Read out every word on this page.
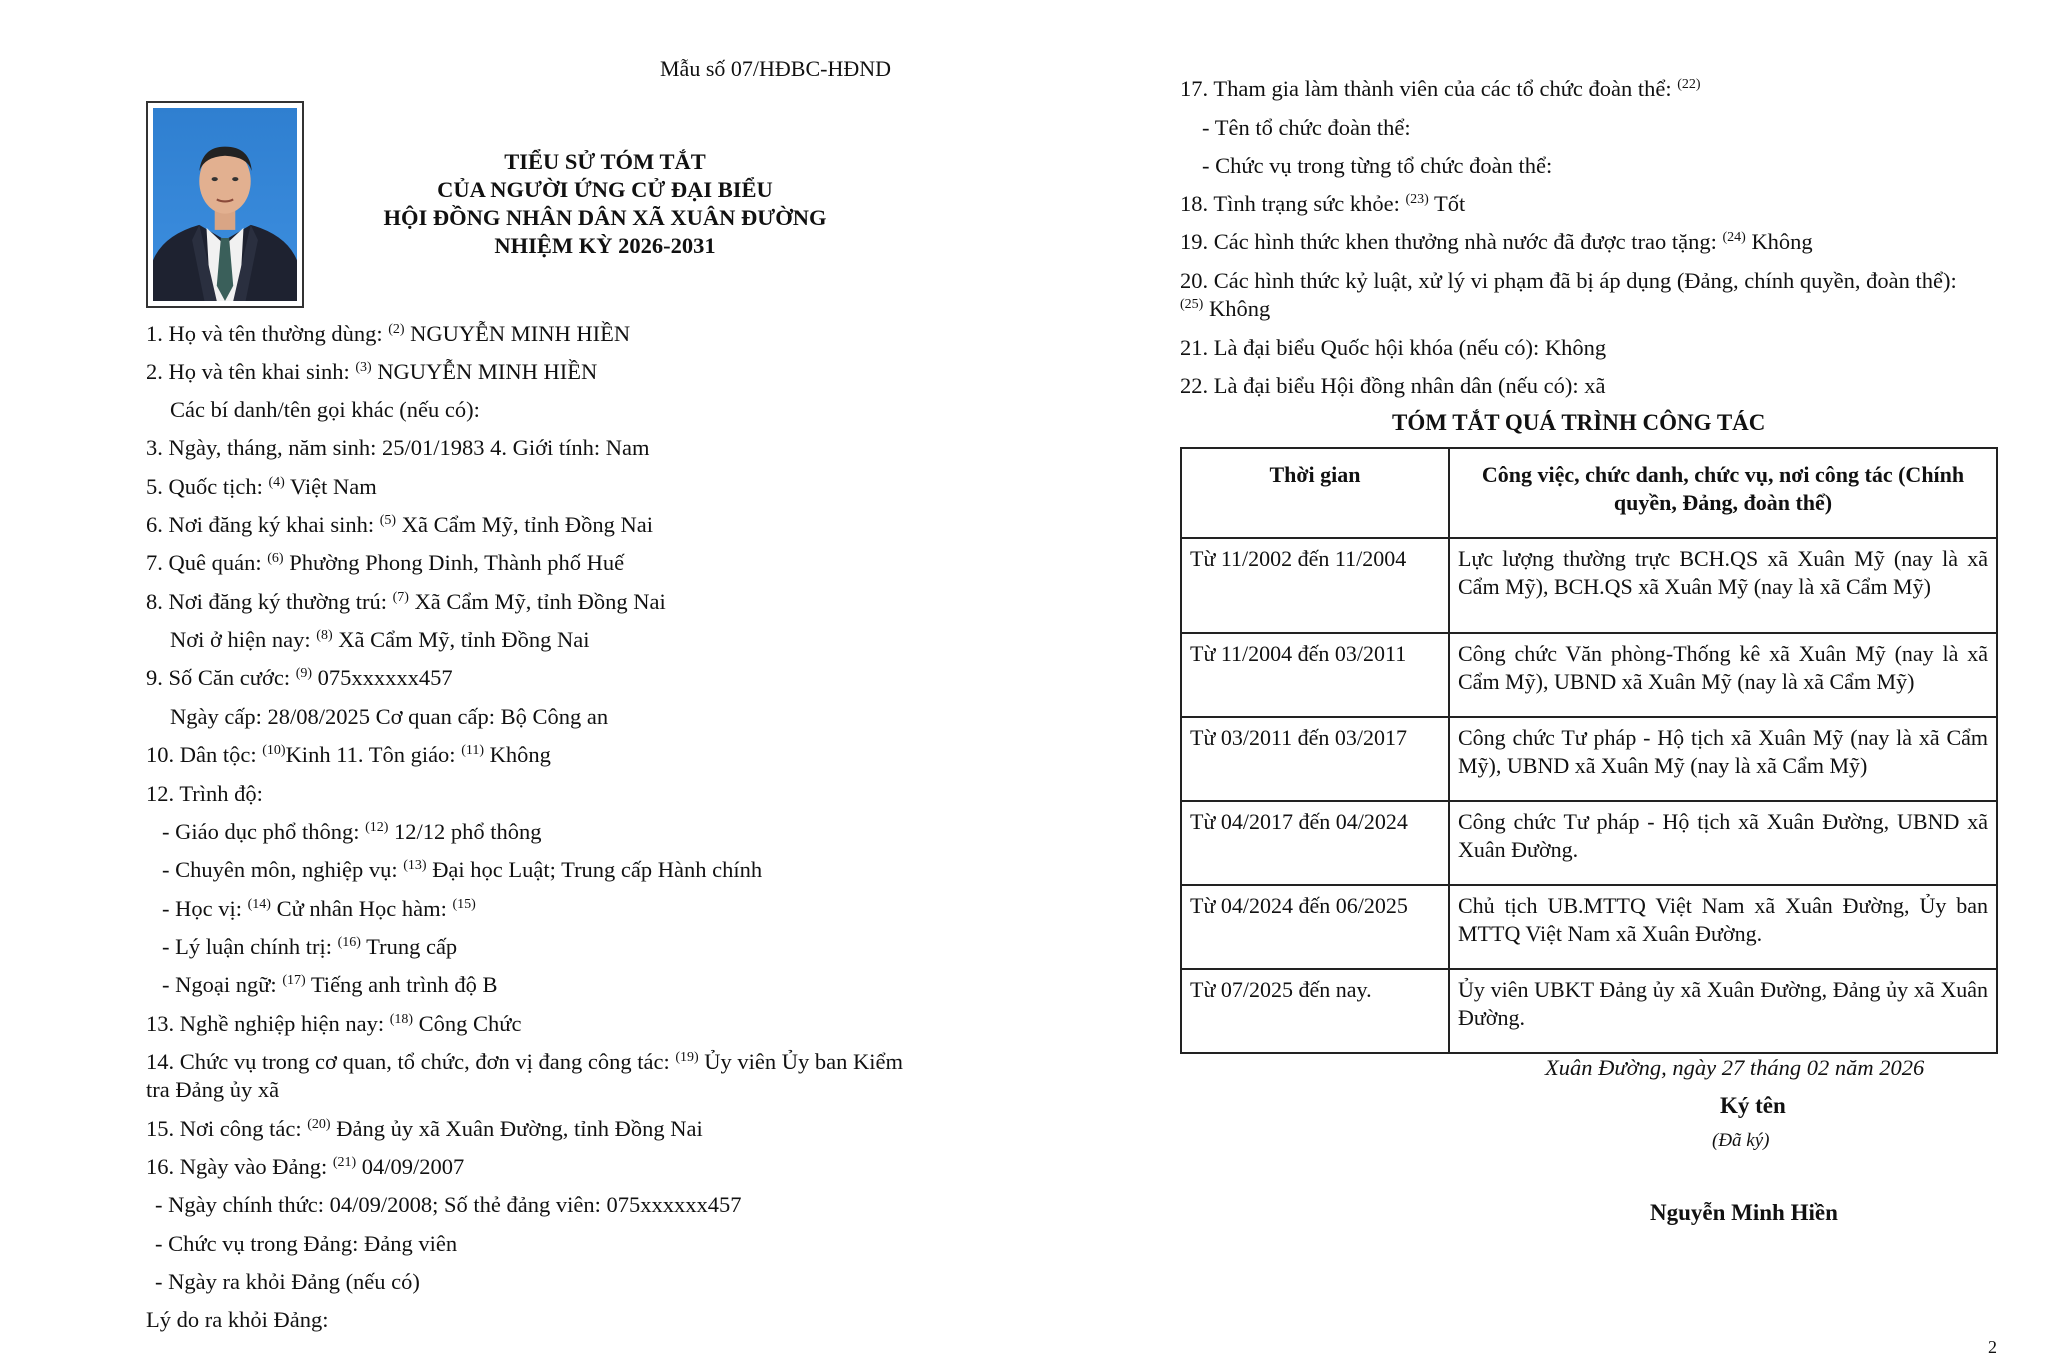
Mẫu số 07/HĐBC-HĐND
TIỂU SỬ TÓM TẮT
CỦA NGƯỜI ỨNG CỬ ĐẠI BIỂU
HỘI ĐỒNG NHÂN DÂN XÃ XUÂN ĐƯỜNG
NHIỆM KỲ 2026-2031
1. Họ và tên thường dùng: $^{(2)}$ NGUYỄN MINH HIỀN
2. Họ và tên khai sinh: $^{(3)}$ NGUYỄN MINH HIỀN
Các bí danh/tên gọi khác (nếu có):
3. Ngày, tháng, năm sinh: 25/01/1983 4. Giới tính: Nam
5. Quốc tịch: $^{(4)}$ Việt Nam
6. Nơi đăng ký khai sinh: $^{(5)}$ Xã Cẩm Mỹ, tỉnh Đồng Nai
7. Quê quán: $^{(6)}$ Phường Phong Dinh, Thành phố Huế
8. Nơi đăng ký thường trú: $^{(7)}$ Xã Cẩm Mỹ, tỉnh Đồng Nai
Nơi ở hiện nay: $^{(8)}$ Xã Cẩm Mỹ, tỉnh Đồng Nai
9. Số Căn cước: $^{(9)}$ 075xxxxxx457
Ngày cấp: 28/08/2025 Cơ quan cấp: Bộ Công an
10. Dân tộc: $^{(10)}$Kinh 11. Tôn giáo: $^{(11)}$ Không
12. Trình độ:
- Giáo dục phổ thông: $^{(12)}$ 12/12 phổ thông
- Chuyên môn, nghiệp vụ: $^{(13)}$ Đại học Luật; Trung cấp Hành chính
- Học vị: $^{(14)}$ Cử nhân Học hàm: $^{(15)}$
- Lý luận chính trị: $^{(16)}$ Trung cấp
- Ngoại ngữ: $^{(17)}$ Tiếng anh trình độ B
13. Nghề nghiệp hiện nay: $^{(18)}$ Công Chức
14. Chức vụ trong cơ quan, tổ chức, đơn vị đang công tác: $^{(19)}$ Ủy viên Ủy ban Kiểm
tra Đảng ủy xã
15. Nơi công tác: $^{(20)}$ Đảng ủy xã Xuân Đường, tỉnh Đồng Nai
16. Ngày vào Đảng: $^{(21)}$ 04/09/2007
- Ngày chính thức: 04/09/2008; Số thẻ đảng viên: 075xxxxxx457
- Chức vụ trong Đảng: Đảng viên
- Ngày ra khỏi Đảng (nếu có)
Lý do ra khỏi Đảng:
17. Tham gia làm thành viên của các tổ chức đoàn thể: $^{(22)}$
- Tên tổ chức đoàn thể:
- Chức vụ trong từng tổ chức đoàn thể:
18. Tình trạng sức khỏe: $^{(23)}$ Tốt
19. Các hình thức khen thưởng nhà nước đã được trao tặng: $^{(24)}$ Không
20. Các hình thức kỷ luật, xử lý vi phạm đã bị áp dụng (Đảng, chính quyền, đoàn thể):
$^{(25)}$ Không
21. Là đại biểu Quốc hội khóa (nếu có): Không
22. Là đại biểu Hội đồng nhân dân (nếu có): xã
TÓM TẮT QUÁ TRÌNH CÔNG TÁC
Thời gian	Công việc, chức danh, chức vụ, nơi công tác (Chính quyền, Đảng, đoàn thể)
Từ 11/2002 đến 11/2004	Lực lượng thường trực BCH.QS xã Xuân Mỹ (nay là xã Cẩm Mỹ), BCH.QS xã Xuân Mỹ (nay là xã Cẩm Mỹ)
Từ 11/2004 đến 03/2011	Công chức Văn phòng-Thống kê xã Xuân Mỹ (nay là xã Cẩm Mỹ), UBND xã Xuân Mỹ (nay là xã Cẩm Mỹ)
Từ 03/2011 đến 03/2017	Công chức Tư pháp - Hộ tịch xã Xuân Mỹ (nay là xã Cẩm Mỹ), UBND xã Xuân Mỹ (nay là xã Cẩm Mỹ)
Từ 04/2017 đến 04/2024	Công chức Tư pháp - Hộ tịch xã Xuân Đường, UBND xã Xuân Đường.
Từ 04/2024 đến 06/2025	Chủ tịch UB.MTTQ Việt Nam xã Xuân Đường, Ủy ban MTTQ Việt Nam xã Xuân Đường.
Từ 07/2025 đến nay.	Ủy viên UBKT Đảng ủy xã Xuân Đường, Đảng ủy xã Xuân Đường.
Xuân Đường, ngày 27 tháng 02 năm 2026
Ký tên
(Đã ký)
Nguyễn Minh Hiền
2
